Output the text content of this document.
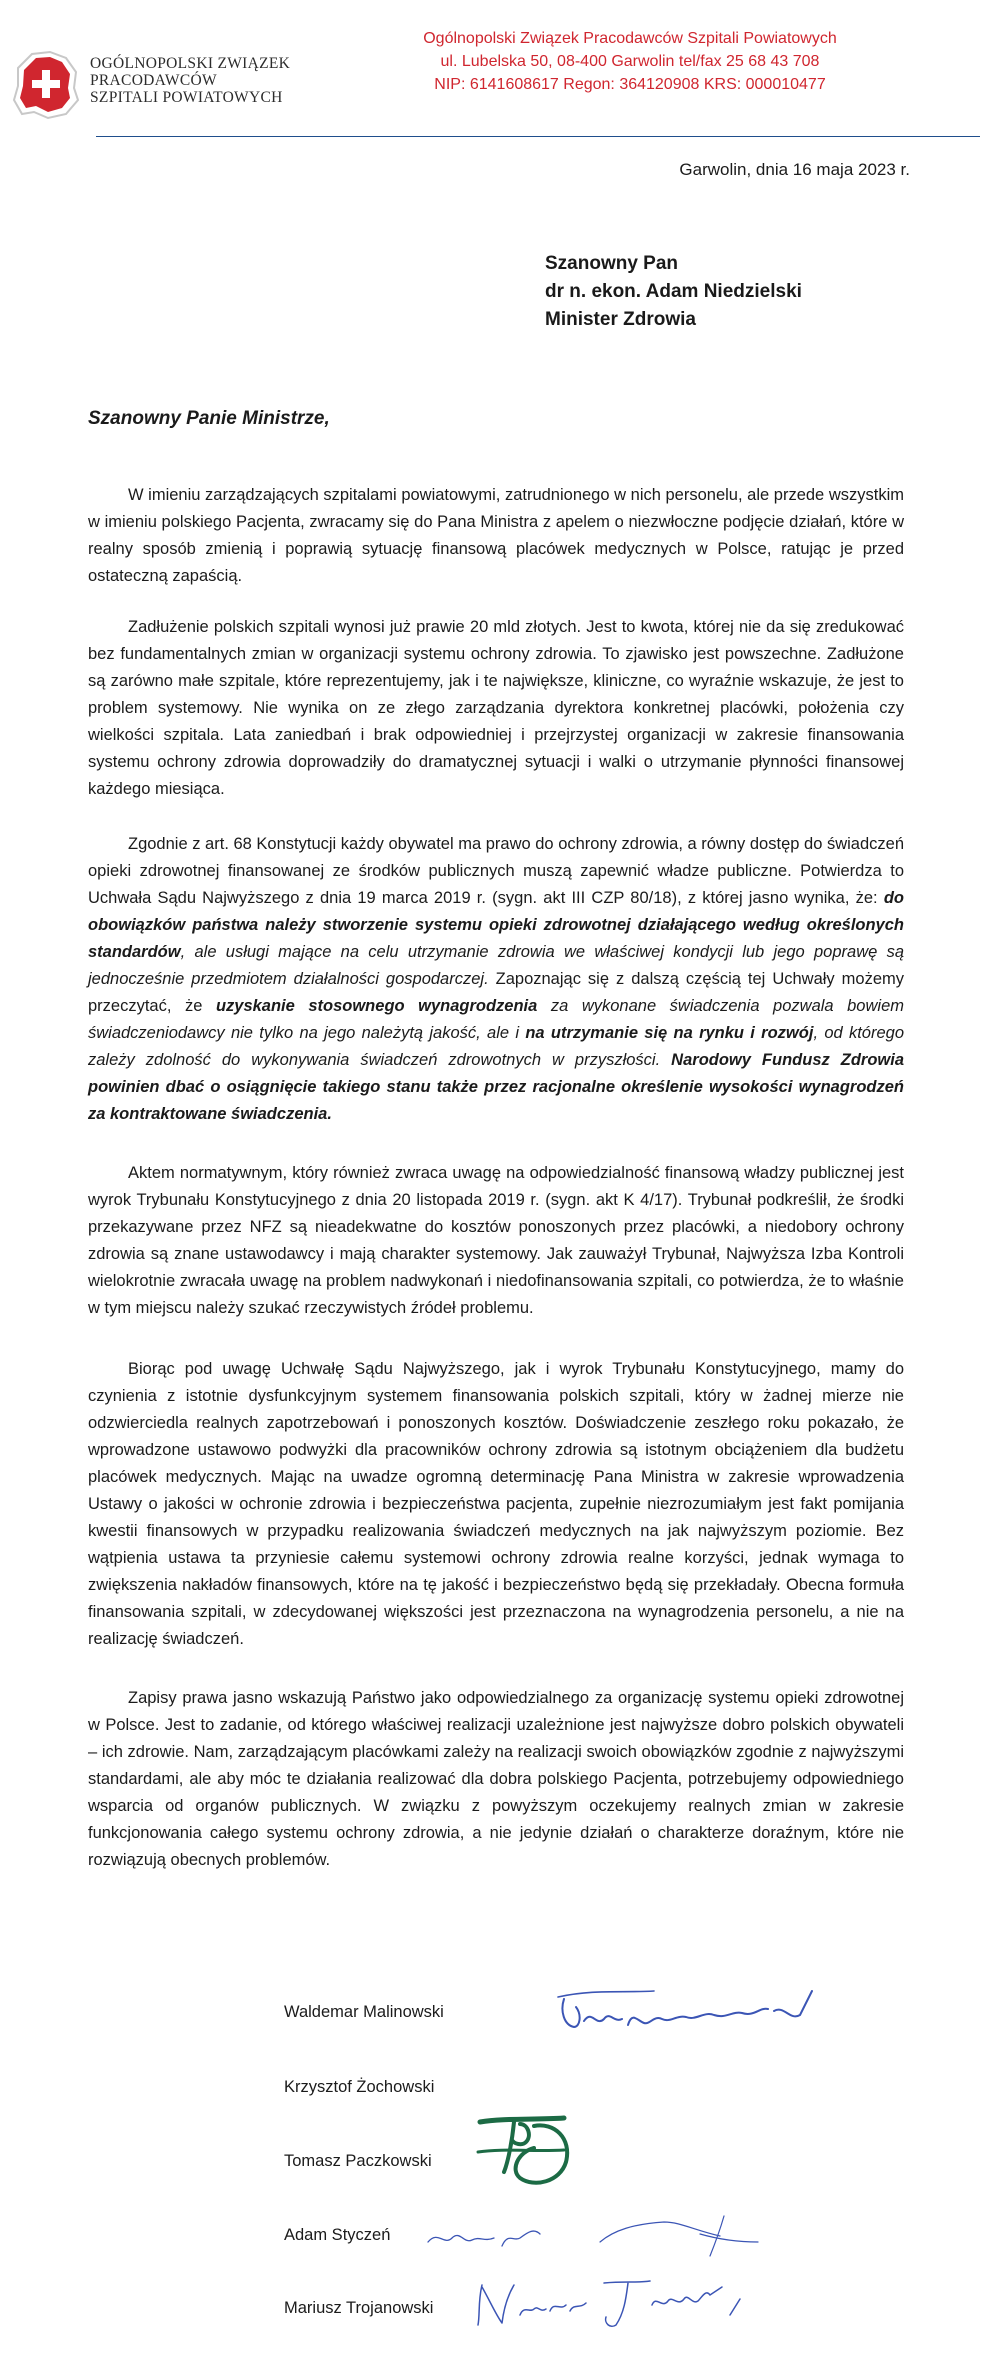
OGÓLNOPOLSKI ZWIĄZEK
PRACODAWCÓW
SZPITALI POWIATOWYCH
Ogólnopolski Związek Pracodawców Szpitali Powiatowych
ul. Lubelska 50, 08-400 Garwolin tel/fax 25 68 43 708
NIP: 6141608617 Regon: 364120908 KRS: 000010477
Garwolin, dnia 16 maja 2023 r.
Szanowny Pan
dr n. ekon. Adam Niedzielski
Minister Zdrowia
Szanowny Panie Ministrze,

W imieniu zarządzających szpitalami powiatowymi, zatrudnionego w nich personelu, ale przede wszystkim w imieniu polskiego Pacjenta, zwracamy się do Pana Ministra z apelem o niezwłoczne podjęcie działań, które w realny sposób zmienią i poprawią sytuację finansową placówek medycznych w Polsce, ratując je przed ostateczną zapaścią.

Zadłużenie polskich szpitali wynosi już prawie 20 mld złotych. Jest to kwota, której nie da się zredukować bez fundamentalnych zmian w organizacji systemu ochrony zdrowia. To zjawisko jest powszechne. Zadłużone są zarówno małe szpitale, które reprezentujemy, jak i te największe, kliniczne, co wyraźnie wskazuje, że jest to problem systemowy. Nie wynika on ze złego zarządzania dyrektora konkretnej placówki, położenia czy wielkości szpitala. Lata zaniedbań i brak odpowiedniej i przejrzystej organizacji w zakresie finansowania systemu ochrony zdrowia doprowadziły do dramatycznej sytuacji i walki o utrzymanie płynności finansowej każdego miesiąca.

Zgodnie z art. 68 Konstytucji każdy obywatel ma prawo do ochrony zdrowia, a równy dostęp do świadczeń opieki zdrowotnej finansowanej ze środków publicznych muszą zapewnić władze publiczne. Potwierdza to Uchwała Sądu Najwyższego z dnia 19 marca 2019 r. (sygn. akt III CZP 80/18), z której jasno wynika, że: do obowiązków państwa należy stworzenie systemu opieki zdrowotnej działającego według określonych standardów, ale usługi mające na celu utrzymanie zdrowia we właściwej kondycji lub jego poprawę są jednocześnie przedmiotem działalności gospodarczej. Zapoznając się z dalszą częścią tej Uchwały możemy przeczytać, że uzyskanie stosownego wynagrodzenia za wykonane świadczenia pozwala bowiem świadczeniodawcy nie tylko na jego należytą jakość, ale i na utrzymanie się na rynku i rozwój, od którego zależy zdolność do wykonywania świadczeń zdrowotnych w przyszłości. Narodowy Fundusz Zdrowia powinien dbać o osiągnięcie takiego stanu także przez racjonalne określenie wysokości wynagrodzeń za kontraktowane świadczenia.

Aktem normatywnym, który również zwraca uwagę na odpowiedzialność finansową władzy publicznej jest wyrok Trybunału Konstytucyjnego z dnia 20 listopada 2019 r. (sygn. akt K 4/17). Trybunał podkreślił, że środki przekazywane przez NFZ są nieadekwatne do kosztów ponoszonych przez placówki, a niedobory ochrony zdrowia są znane ustawodawcy i mają charakter systemowy. Jak zauważył Trybunał, Najwyższa Izba Kontroli wielokrotnie zwracała uwagę na problem nadwykonań i niedofinansowania szpitali, co potwierdza, że to właśnie w tym miejscu należy szukać rzeczywistych źródeł problemu.

Biorąc pod uwagę Uchwałę Sądu Najwyższego, jak i wyrok Trybunału Konstytucyjnego, mamy do czynienia z istotnie dysfunkcyjnym systemem finansowania polskich szpitali, który w żadnej mierze nie odzwierciedla realnych zapotrzebowań i ponoszonych kosztów. Doświadczenie zeszłego roku pokazało, że wprowadzone ustawowo podwyżki dla pracowników ochrony zdrowia są istotnym obciążeniem dla budżetu placówek medycznych. Mając na uwadze ogromną determinację Pana Ministra w zakresie wprowadzenia Ustawy o jakości w ochronie zdrowia i bezpieczeństwa pacjenta, zupełnie niezrozumiałym jest fakt pomijania kwestii finansowych w przypadku realizowania świadczeń medycznych na jak najwyższym poziomie. Bez wątpienia ustawa ta przyniesie całemu systemowi ochrony zdrowia realne korzyści, jednak wymaga to zwiększenia nakładów finansowych, które na tę jakość i bezpieczeństwo będą się przekładały. Obecna formuła finansowania szpitali, w zdecydowanej większości jest przeznaczona na wynagrodzenia personelu, a nie na realizację świadczeń.

Zapisy prawa jasno wskazują Państwo jako odpowiedzialnego za organizację systemu opieki zdrowotnej w Polsce. Jest to zadanie, od którego właściwej realizacji uzależnione jest najwyższe dobro polskich obywateli – ich zdrowie. Nam, zarządzającym placówkami zależy na realizacji swoich obowiązków zgodnie z najwyższymi standardami, ale aby móc te działania realizować dla dobra polskiego Pacjenta, potrzebujemy odpowiedniego wsparcia od organów publicznych. W związku z powyższym oczekujemy realnych zmian w zakresie funkcjonowania całego systemu ochrony zdrowia, a nie jedynie działań o charakterze doraźnym, które nie rozwiązują obecnych problemów.

Waldemar Malinowski
Krzysztof Żochowski
Tomasz Paczkowski
Adam Styczeń
Mariusz Trojanowski
